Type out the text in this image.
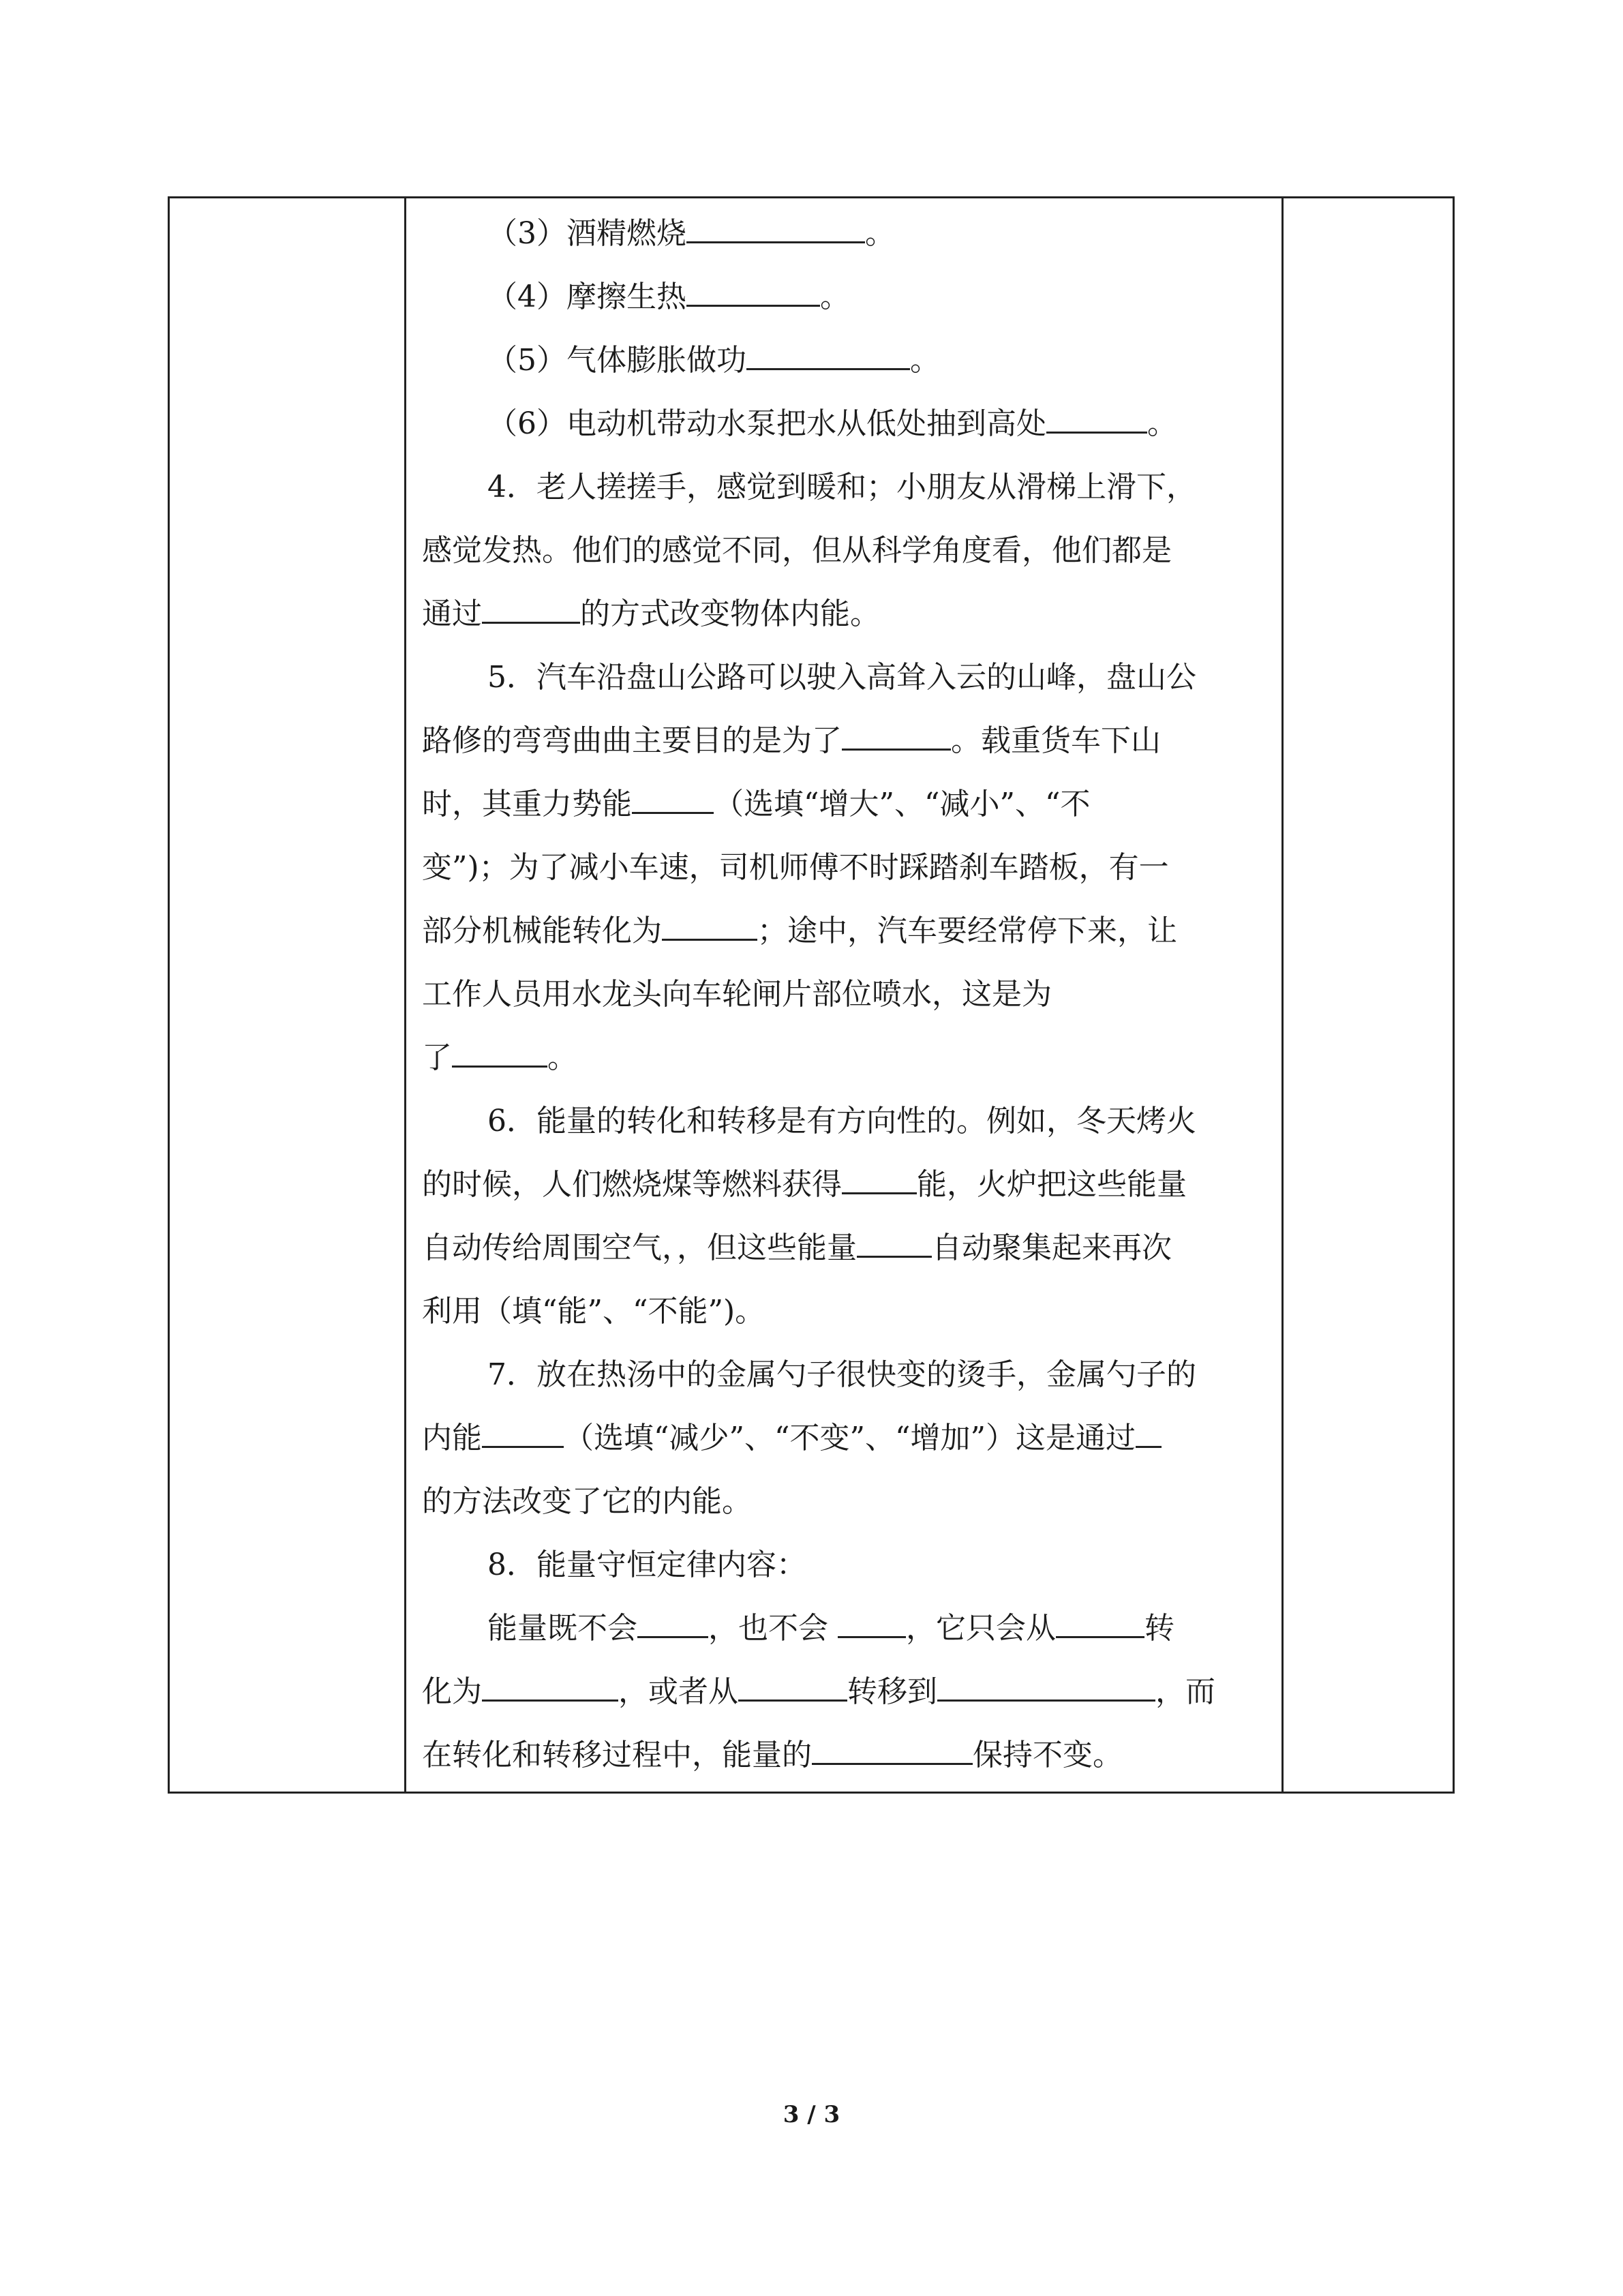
（3）酒精燃烧	。
（4）摩擦生热	。
（5）气体膨胀做功	。
（6）电动机带动水泵把水从低处抽到高处	。
4．老人搓搓手，感觉到暖和；小朋友从滑梯上滑下，
感觉发热。他们的感觉不同，但从科学角度看，他们都是
通过	的方式改变物体内能。
5．汽车沿盘山公路可以驶入高耸入云的山峰，盘山公
路修的弯弯曲曲主要目的是为了	。载重货车下山
时，其重力势能	（选填“增大”、“减小”、“不
变”)；为了减小车速，司机师傅不时踩踏刹车踏板，有一
部分机械能转化为	；途中，汽车要经常停下来，让
工作人员用水龙头向车轮闸片部位喷水，这是为
了	。
6．能量的转化和转移是有方向性的。例如，冬天烤火
的时候，人们燃烧煤等燃料获得	能，火炉把这些能量
自动传给周围空气，，但这些能量	自动聚集起来再次
利用（填“能”、“不能”)。
7．放在热汤中的金属勺子很快变的烫手，金属勺子的
内能	（选填“减少”、“不变”、“增加”）这是通过
的方法改变了它的内能。
8．能量守恒定律内容：
能量既不会 ，也不会 ，它只会从	转
化为	，或者从	转移到	，而
在转化和转移过程中，能量的	保持不变。
3 / 3
